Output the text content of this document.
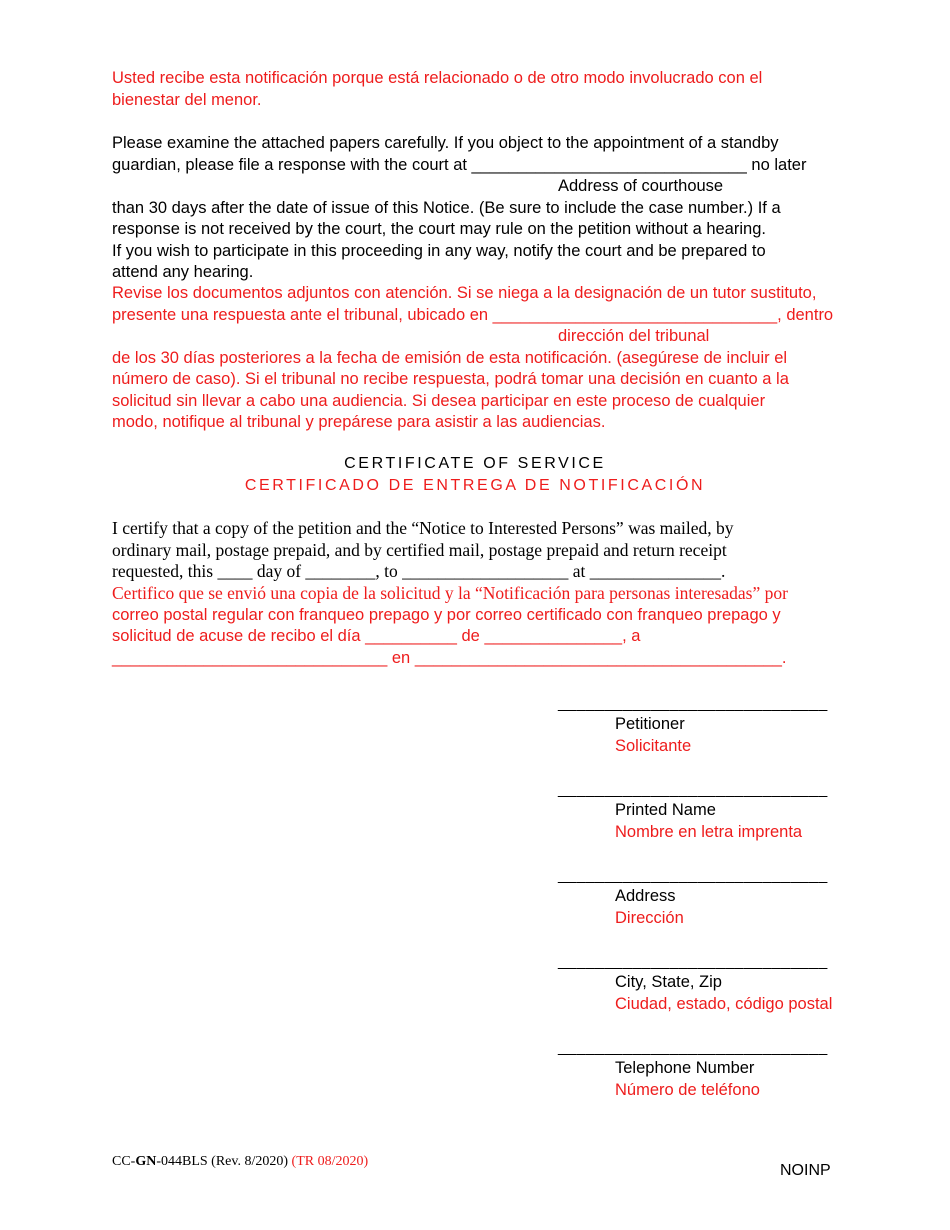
Usted recibe esta notificación porque está relacionado o de otro modo involucrado con el
bienestar del menor.
Please examine the attached papers carefully. If you object to the appointment of a standby
guardian, please file a response with the court at ______________________________ no later
Address of courthouse
than 30 days after the date of issue of this Notice. (Be sure to include the case number.) If a
response is not received by the court, the court may rule on the petition without a hearing.
If you wish to participate in this proceeding in any way, notify the court and be prepared to
attend any hearing.
Revise los documentos adjuntos con atención. Si se niega a la designación de un tutor sustituto,
presente una respuesta ante el tribunal, ubicado en _______________________________, dentro
dirección del tribunal
de los 30 días posteriores a la fecha de emisión de esta notificación. (asegúrese de incluir el
número de caso). Si el tribunal no recibe respuesta, podrá tomar una decisión en cuanto a la
solicitud sin llevar a cabo una audiencia. Si desea participar en este proceso de cualquier
modo, notifique al tribunal y prepárese para asistir a las audiencias.
CERTIFICATE OF SERVICE
CERTIFICADO DE ENTREGA DE NOTIFICACIÓN
I certify that a copy of the petition and the “Notice to Interested Persons” was mailed, by
ordinary mail, postage prepaid, and by certified mail, postage prepaid and return receipt
requested, this ____ day of ________, to ___________________ at _______________.
Certifico que se envió una copia de la solicitud y la “Notificación para personas interesadas” por
correo postal regular con franqueo prepago y por correo certificado con franqueo prepago y
solicitud de acuse de recibo el día __________ de _______________, a
______________________________ en ________________________________________.
_____________________________
Petitioner
Solicitante
_____________________________
Printed Name
Nombre en letra imprenta
_____________________________
Address
Dirección
_____________________________
City, State, Zip
Ciudad, estado, código postal
_____________________________
Telephone Number
Número de teléfono
CC-GN-044BLS (Rev. 8/2020) (TR 08/2020)
NOINP
